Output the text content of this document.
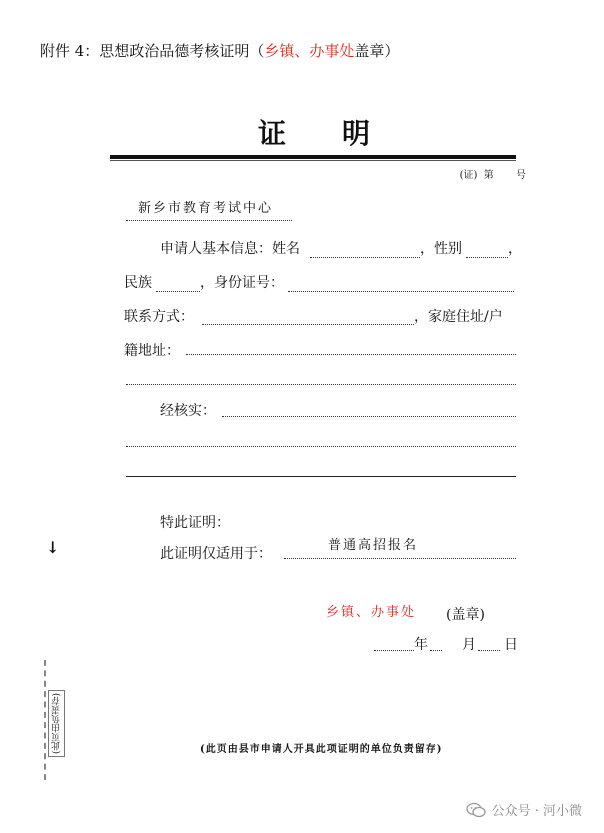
附件 4：思想政治品德考核证明（乡镇、办事处盖章）
证明
(证) 第 号
新乡市教育考试中心
申请人基本信息：姓名	，性别	，
民族	，身份证号：
联系方式：	，家庭住址/户
籍地址：
经核实：
特此证明：
此证明仅适用于：
普通高招报名
乡镇、办事处 (盖章)
年 月 日
(此页由县市申请人开具此项证明的单位负责留存)
(此页由负责存)
↓
公众号 · 河小微
